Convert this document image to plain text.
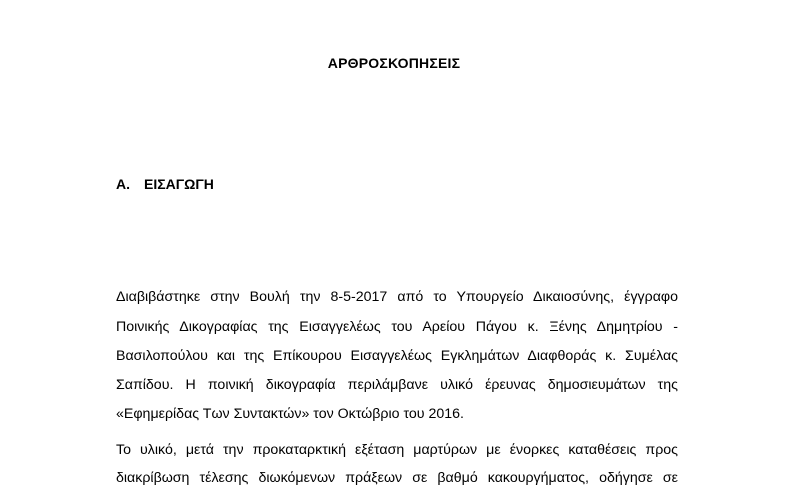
ΑΡΘΡΟΣΚΟΠΗΣΕΙΣ
A. ΕΙΣΑΓΩΓΗ
Διαβιβάστηκε στην Βουλή την 8-5-2017 από το Υπουργείο Δικαιοσύνης, έγγραφο
Ποινικής Δικογραφίας της Εισαγγελέως του Αρείου Πάγου κ. Ξένης Δημητρίου -
Βασιλοπούλου και της Επίκουρου Εισαγγελέως Εγκλημάτων Διαφθοράς κ. Συμέλας
Σαπίδου. Η ποινική δικογραφία περιλάμβανε υλικό έρευνας δημοσιευμάτων της
«Εφημερίδας Των Συντακτών» τον Οκτώβριο του 2016.
Το υλικό, μετά την προκαταρκτική εξέταση μαρτύρων με ένορκες καταθέσεις προς
διακρίβωση τέλεσης διωκόμενων πράξεων σε βαθμό κακουργήματος, οδήγησε σε
